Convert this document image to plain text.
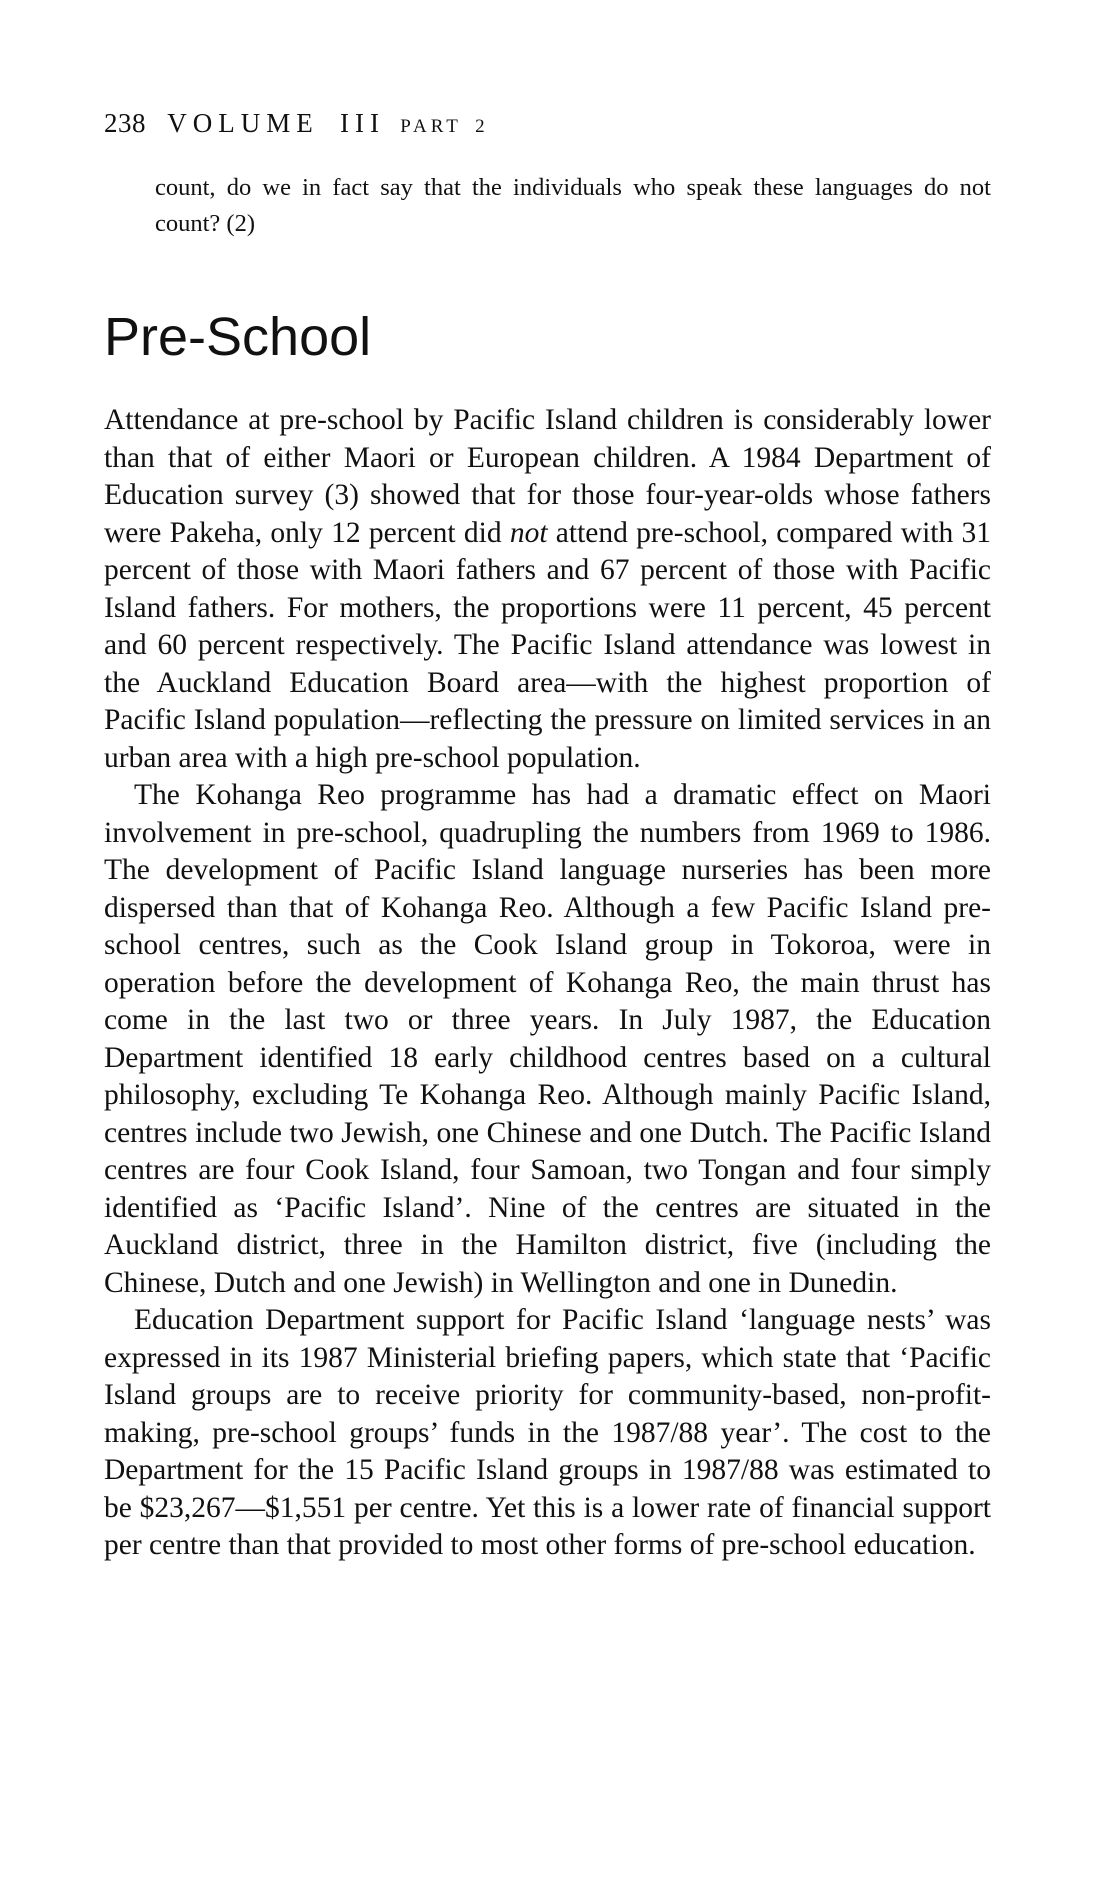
238 VOLUME III PART 2

count, do we in fact say that the individuals who speak these languages do not count? (2)

Pre-School

Attendance at pre-school by Pacific Island children is considerably lower than that of either Maori or European children. A 1984 Department of Education survey (3) showed that for those four-year-olds whose fathers were Pakeha, only 12 percent did not attend pre-school, compared with 31 percent of those with Maori fathers and 67 percent of those with Pacific Island fathers. For mothers, the proportions were 11 percent, 45 percent and 60 percent respectively. The Pacific Island attendance was lowest in the Auckland Education Board area—with the highest proportion of Pacific Island population—reflecting the pressure on limited services in an urban area with a high pre-school population.

The Kohanga Reo programme has had a dramatic effect on Maori involvement in pre-school, quadrupling the numbers from 1969 to 1986. The development of Pacific Island language nurseries has been more dispersed than that of Kohanga Reo. Although a few Pacific Island pre-school centres, such as the Cook Island group in Tokoroa, were in operation before the development of Kohanga Reo, the main thrust has come in the last two or three years. In July 1987, the Education Department identified 18 early childhood centres based on a cultural philosophy, excluding Te Kohanga Reo. Although mainly Pacific Island, centres include two Jewish, one Chinese and one Dutch. The Pacific Island centres are four Cook Island, four Samoan, two Tongan and four simply identified as ‘Pacific Island’. Nine of the centres are situated in the Auckland district, three in the Hamilton district, five (including the Chinese, Dutch and one Jewish) in Wellington and one in Dunedin.

Education Department support for Pacific Island ‘language nests’ was expressed in its 1987 Ministerial briefing papers, which state that ‘Pacific Island groups are to receive priority for community-based, non-profit-making, pre-school groups’ funds in the 1987/88 year’. The cost to the Department for the 15 Pacific Island groups in 1987/88 was estimated to be $23,267—$1,551 per centre. Yet this is a lower rate of financial support per centre than that provided to most other forms of pre-school education.
